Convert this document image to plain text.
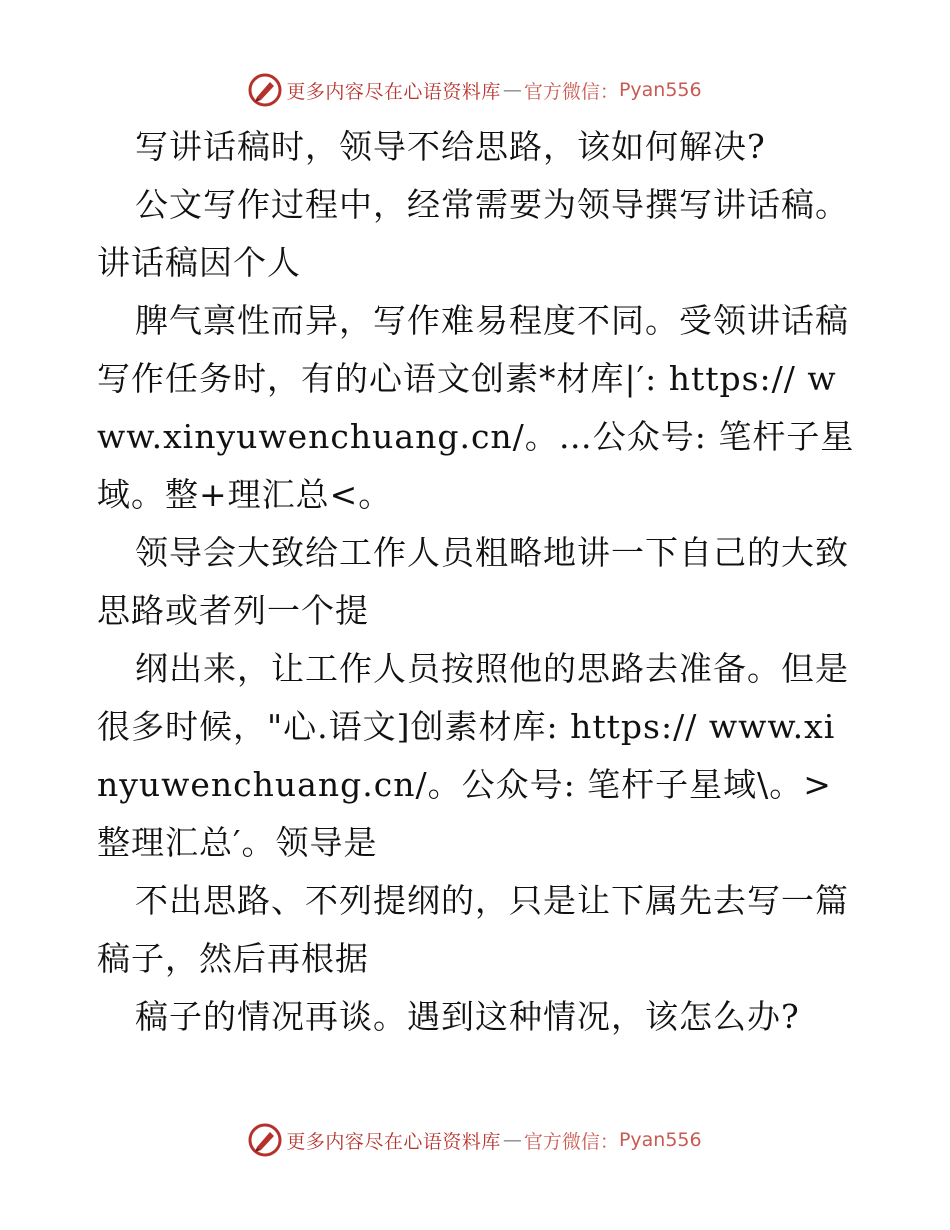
更多内容尽在心语资料库 — 官方微信： Pyan556

写讲话稿时，领导不给思路，该如何解决?

公文写作过程中，经常需要为领导撰写讲话稿。讲话稿因个人

脾气禀性而异，写作难易程度不同。受领讲话稿写作任务时，有的心语文创素*材库|′: https:// www.xinyuwenchuang.cn/。…公众号: 笔杆子星域。整+理汇总<。

领导会大致给工作人员粗略地讲一下自己的大致思路或者列一个提

纲出来，让工作人员按照他的思路去准备。但是很多时候，"心.语文]创素材库: https:// www.xinyuwenchuang.cn/。公众号: 笔杆子星域\。>整理汇总′。领导是

不出思路、不列提纲的，只是让下属先去写一篇稿子，然后再根据

稿子的情况再谈。遇到这种情况，该怎么办?

更多内容尽在心语资料库 — 官方微信： Pyan556
